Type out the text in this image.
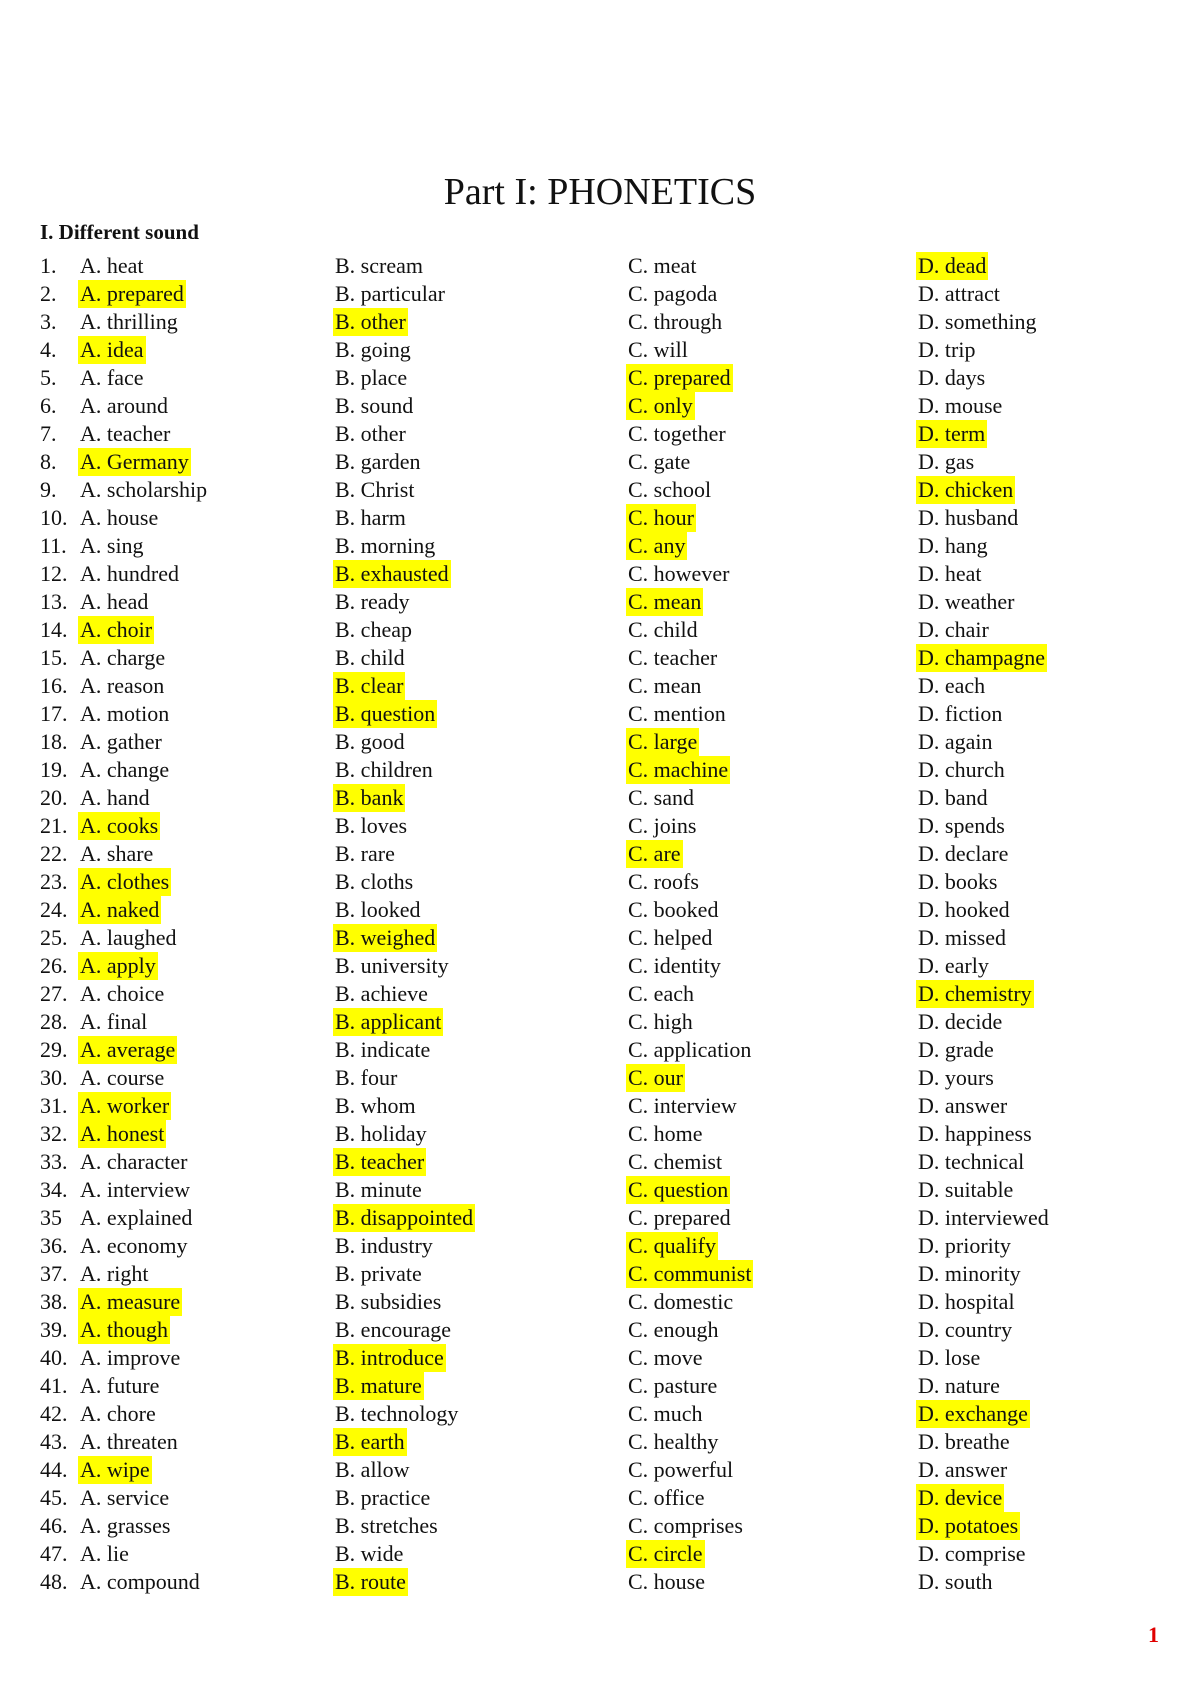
Part I: PHONETICS
I. Different sound
1.	A. heat	B. scream	C. meat	D. dead
2.	A. prepared	B. particular	C. pagoda	D. attract
3.	A. thrilling	B. other	C. through	D. something
4.	A. idea	B. going	C. will	D. trip
5.	A. face	B. place	C. prepared	D. days
6.	A. around	B. sound	C. only	D. mouse
7.	A. teacher	B. other	C. together	D. term
8.	A. Germany	B. garden	C. gate	D. gas
9.	A. scholarship	B. Christ	C. school	D. chicken
10. A. house	B. harm	C. hour	D. husband
11. A. sing	B. morning	C. any	D. hang
12. A. hundred	B. exhausted	C. however	D. heat
13. A. head	B. ready	C. mean	D. weather
14. A. choir	B. cheap	C. child	D. chair
15. A. charge	B. child	C. teacher	D. champagne
16. A. reason	B. clear	C. mean	D. each
17. A. motion	B. question	C. mention	D. fiction
18. A. gather	B. good	C. large	D. again
19. A. change	B. children	C. machine	D. church
20. A. hand	B. bank	C. sand	D. band
21. A. cooks	B. loves	C. joins	D. spends
22. A. share	B. rare	C. are	D. declare
23. A. clothes	B. cloths	C. roofs	D. books
24. A. naked	B. looked	C. booked	D. hooked
25. A. laughed	B. weighed	C. helped	D. missed
26. A. apply	B. university	C. identity	D. early
27. A. choice	B. achieve	C. each	D. chemistry
28. A. final	B. applicant	C. high	D. decide
29. A. average	B. indicate	C. application	D. grade
30. A. course	B. four	C. our	D. yours
31. A. worker	B. whom	C. interview	D. answer
32. A. honest	B. holiday	C. home	D. happiness
33. A. character	B. teacher	C. chemist	D. technical
34. A. interview	B. minute	C. question	D. suitable
35 A. explained	B. disappointed	C. prepared	D. interviewed
36. A. economy	B. industry	C. qualify	D. priority
37. A. right	B. private	C. communist	D. minority
38. A. measure	B. subsidies	C. domestic	D. hospital
39. A. though	B. encourage	C. enough	D. country
40. A. improve	B. introduce	C. move	D. lose
41. A. future	B. mature	C. pasture	D. nature
42. A. chore	B. technology	C. much	D. exchange
43. A. threaten	B. earth	C. healthy	D. breathe
44. A. wipe	B. allow	C. powerful	D. answer
45. A. service	B. practice	C. office	D. device
46. A. grasses	B. stretches	C. comprises	D. potatoes
47. A. lie	B. wide	C. circle	D. comprise
48. A. compound	B. route	C. house	D. south
1
